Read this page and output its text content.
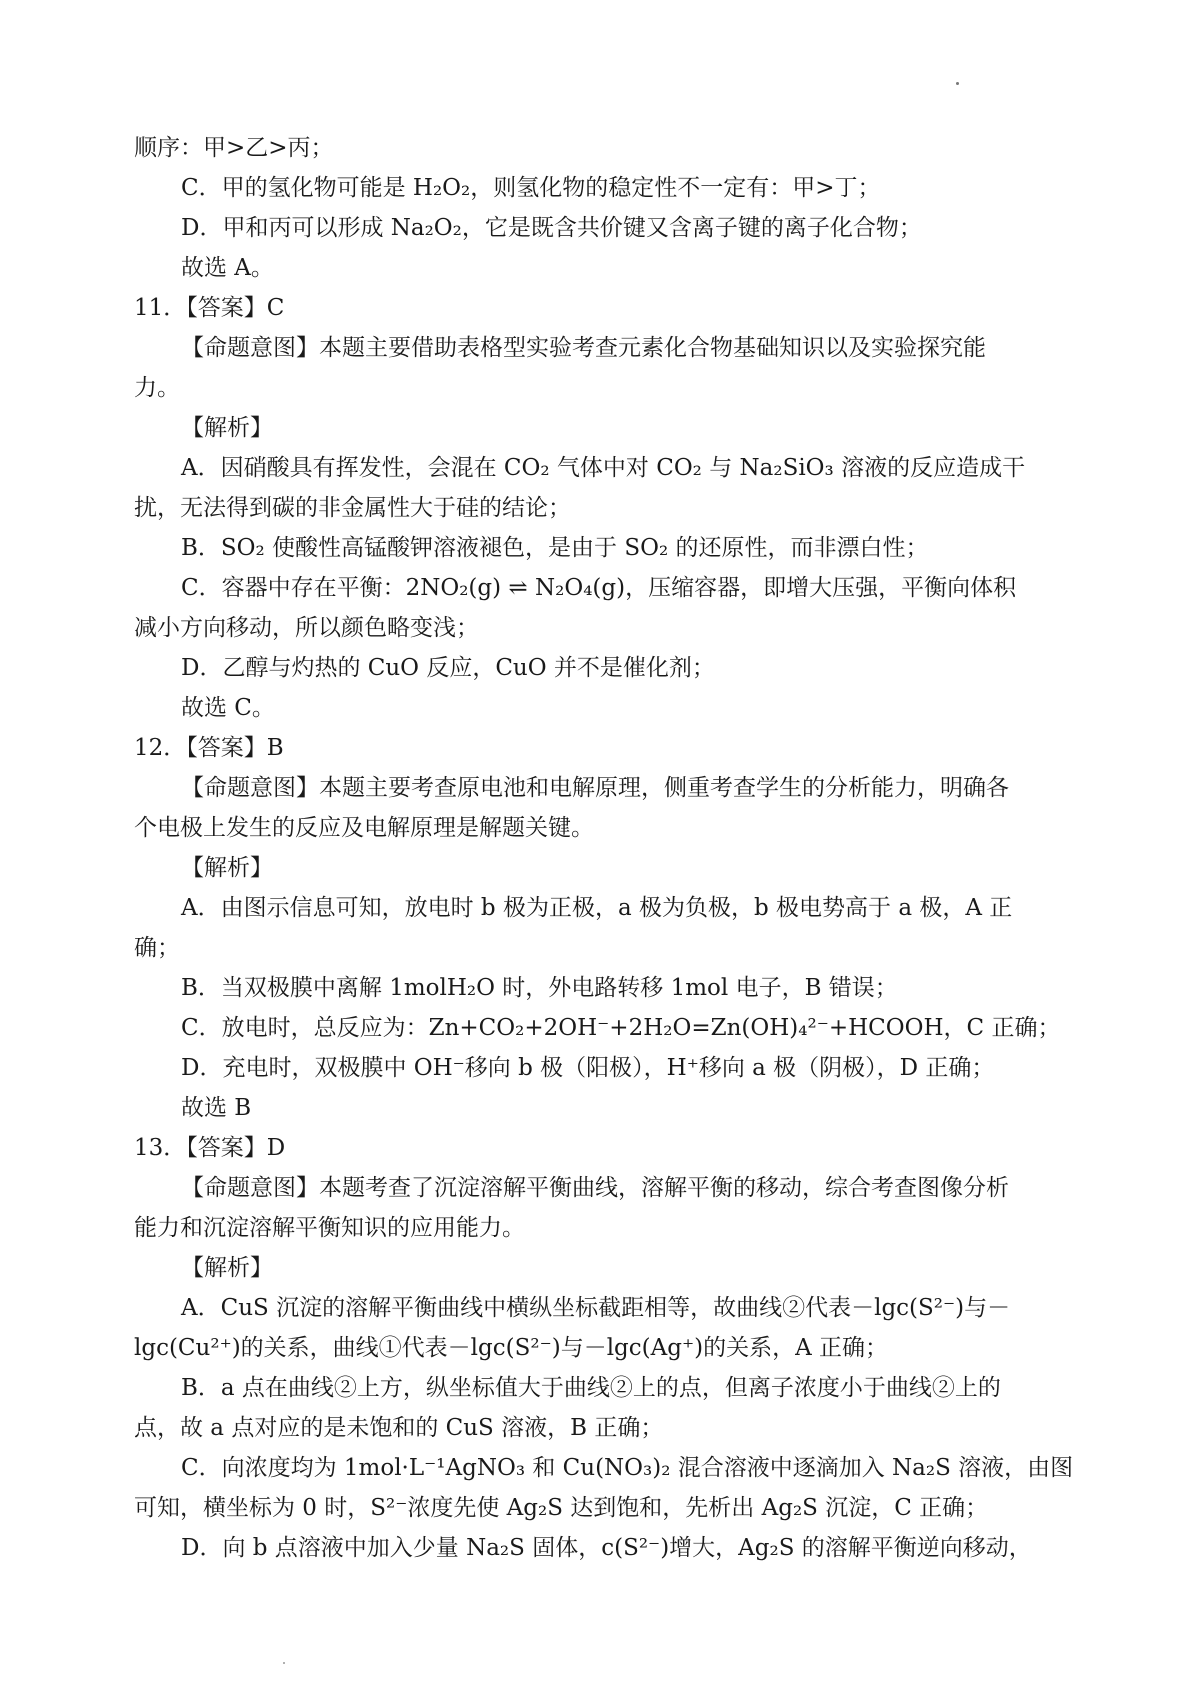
顺序：甲>乙>丙；
C．甲的氢化物可能是 H₂O₂，则氢化物的稳定性不一定有：甲>丁；
D．甲和丙可以形成 Na₂O₂，它是既含共价键又含离子键的离子化合物；
故选 A。
11．【答案】C
【命题意图】本题主要借助表格型实验考查元素化合物基础知识以及实验探究能
力。
【解析】
A．因硝酸具有挥发性，会混在 CO₂ 气体中对 CO₂ 与 Na₂SiO₃ 溶液的反应造成干
扰，无法得到碳的非金属性大于硅的结论；
B．SO₂ 使酸性高锰酸钾溶液褪色，是由于 SO₂ 的还原性，而非漂白性；
C．容器中存在平衡：2NO₂(g) ⇌ N₂O₄(g)，压缩容器，即增大压强，平衡向体积
减小方向移动，所以颜色略变浅；
D．乙醇与灼热的 CuO 反应，CuO 并不是催化剂；
故选 C。
12．【答案】B
【命题意图】本题主要考查原电池和电解原理，侧重考查学生的分析能力，明确各
个电极上发生的反应及电解原理是解题关键。
【解析】
A．由图示信息可知，放电时 b 极为正极，a 极为负极，b 极电势高于 a 极，A 正
确；
B．当双极膜中离解 1molH₂O 时，外电路转移 1mol 电子，B 错误；
C．放电时，总反应为：Zn+CO₂+2OH⁻+2H₂O=Zn(OH)₄²⁻+HCOOH，C 正确；
D．充电时，双极膜中 OH⁻移向 b 极（阳极），H⁺移向 a 极（阴极），D 正确；
故选 B
13．【答案】D
【命题意图】本题考查了沉淀溶解平衡曲线，溶解平衡的移动，综合考查图像分析
能力和沉淀溶解平衡知识的应用能力。
【解析】
A．CuS 沉淀的溶解平衡曲线中横纵坐标截距相等，故曲线②代表－lgc(S²⁻)与－
lgc(Cu²⁺)的关系，曲线①代表－lgc(S²⁻)与－lgc(Ag⁺)的关系，A 正确；
B．a 点在曲线②上方，纵坐标值大于曲线②上的点，但离子浓度小于曲线②上的
点，故 a 点对应的是未饱和的 CuS 溶液，B 正确；
C．向浓度均为 1mol·L⁻¹AgNO₃ 和 Cu(NO₃)₂ 混合溶液中逐滴加入 Na₂S 溶液，由图
可知，横坐标为 0 时，S²⁻浓度先使 Ag₂S 达到饱和，先析出 Ag₂S 沉淀，C 正确；
D．向 b 点溶液中加入少量 Na₂S 固体，c(S²⁻)增大，Ag₂S 的溶解平衡逆向移动，
